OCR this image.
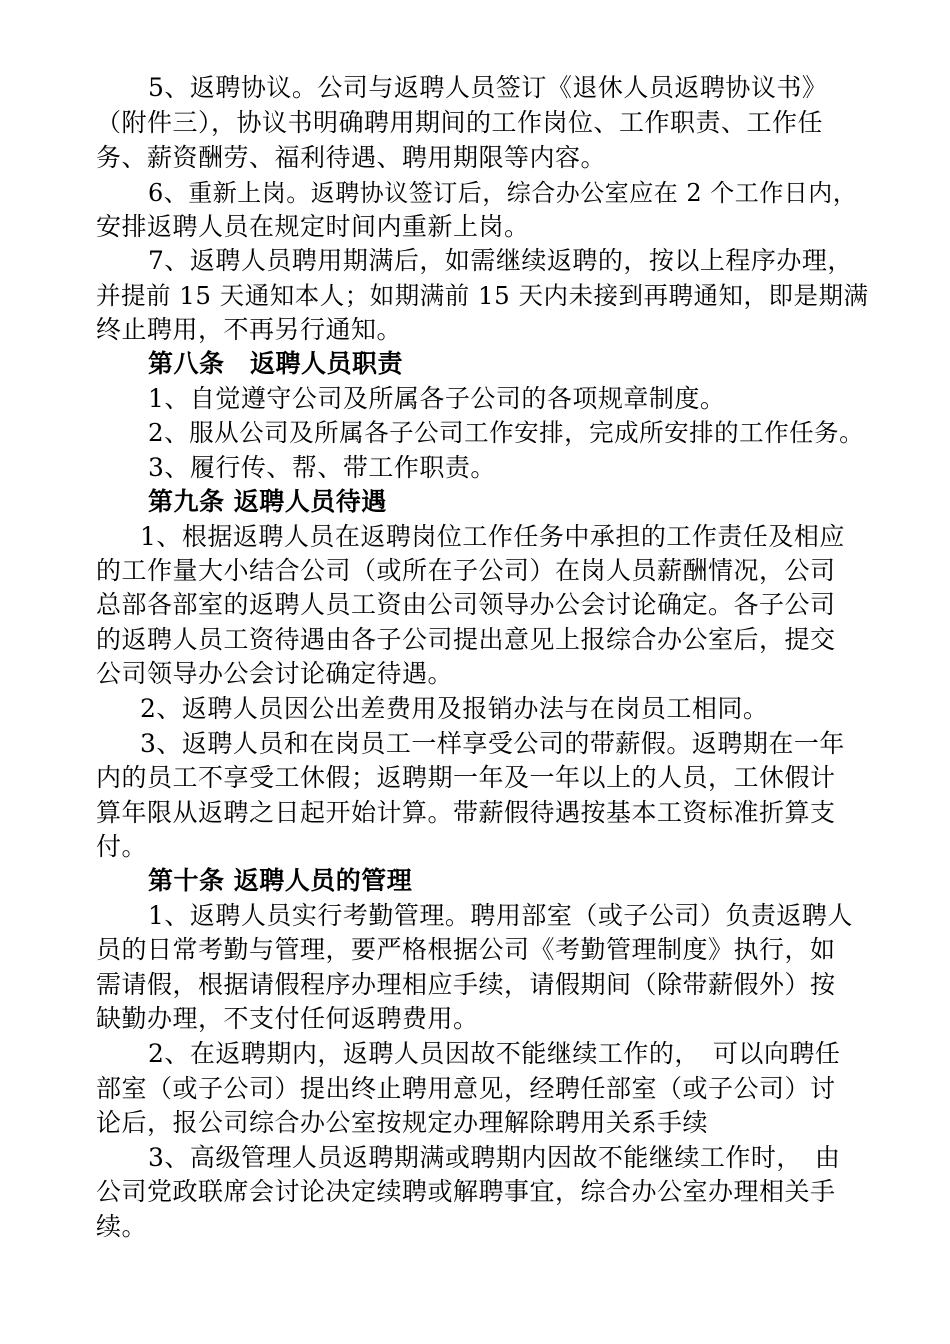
5、返聘协议。公司与返聘人员签订《退休人员返聘协议书》
（附件三），协议书明确聘用期间的工作岗位、工作职责、工作任
务、薪资酬劳、福利待遇、聘用期限等内容。
6、重新上岗。返聘协议签订后，综合办公室应在 2 个工作日内，
安排返聘人员在规定时间内重新上岗。
7、返聘人员聘用期满后，如需继续返聘的，按以上程序办理，
并提前 15 天通知本人；如期满前 15 天内未接到再聘通知，即是期满
终止聘用，不再另行通知。
第八条　返聘人员职责
1、自觉遵守公司及所属各子公司的各项规章制度。
2、服从公司及所属各子公司工作安排，完成所安排的工作任务。
3、履行传、帮、带工作职责。
第九条 返聘人员待遇
1、根据返聘人员在返聘岗位工作任务中承担的工作责任及相应
的工作量大小结合公司（或所在子公司）在岗人员薪酬情况，公司
总部各部室的返聘人员工资由公司领导办公会讨论确定。各子公司
的返聘人员工资待遇由各子公司提出意见上报综合办公室后，提交
公司领导办公会讨论确定待遇。
2、返聘人员因公出差费用及报销办法与在岗员工相同。
3、返聘人员和在岗员工一样享受公司的带薪假。返聘期在一年
内的员工不享受工休假；返聘期一年及一年以上的人员，工休假计
算年限从返聘之日起开始计算。带薪假待遇按基本工资标准折算支
付。
第十条 返聘人员的管理
1、返聘人员实行考勤管理。聘用部室（或子公司）负责返聘人
员的日常考勤与管理，要严格根据公司《考勤管理制度》执行，如
需请假，根据请假程序办理相应手续，请假期间（除带薪假外）按
缺勤办理，不支付任何返聘费用。
2、在返聘期内，返聘人员因故不能继续工作的，　可以向聘任
部室（或子公司）提出终止聘用意见，经聘任部室（或子公司）讨
论后，报公司综合办公室按规定办理解除聘用关系手续
3、高级管理人员返聘期满或聘期内因故不能继续工作时，　由
公司党政联席会讨论决定续聘或解聘事宜，综合办公室办理相关手
续。
